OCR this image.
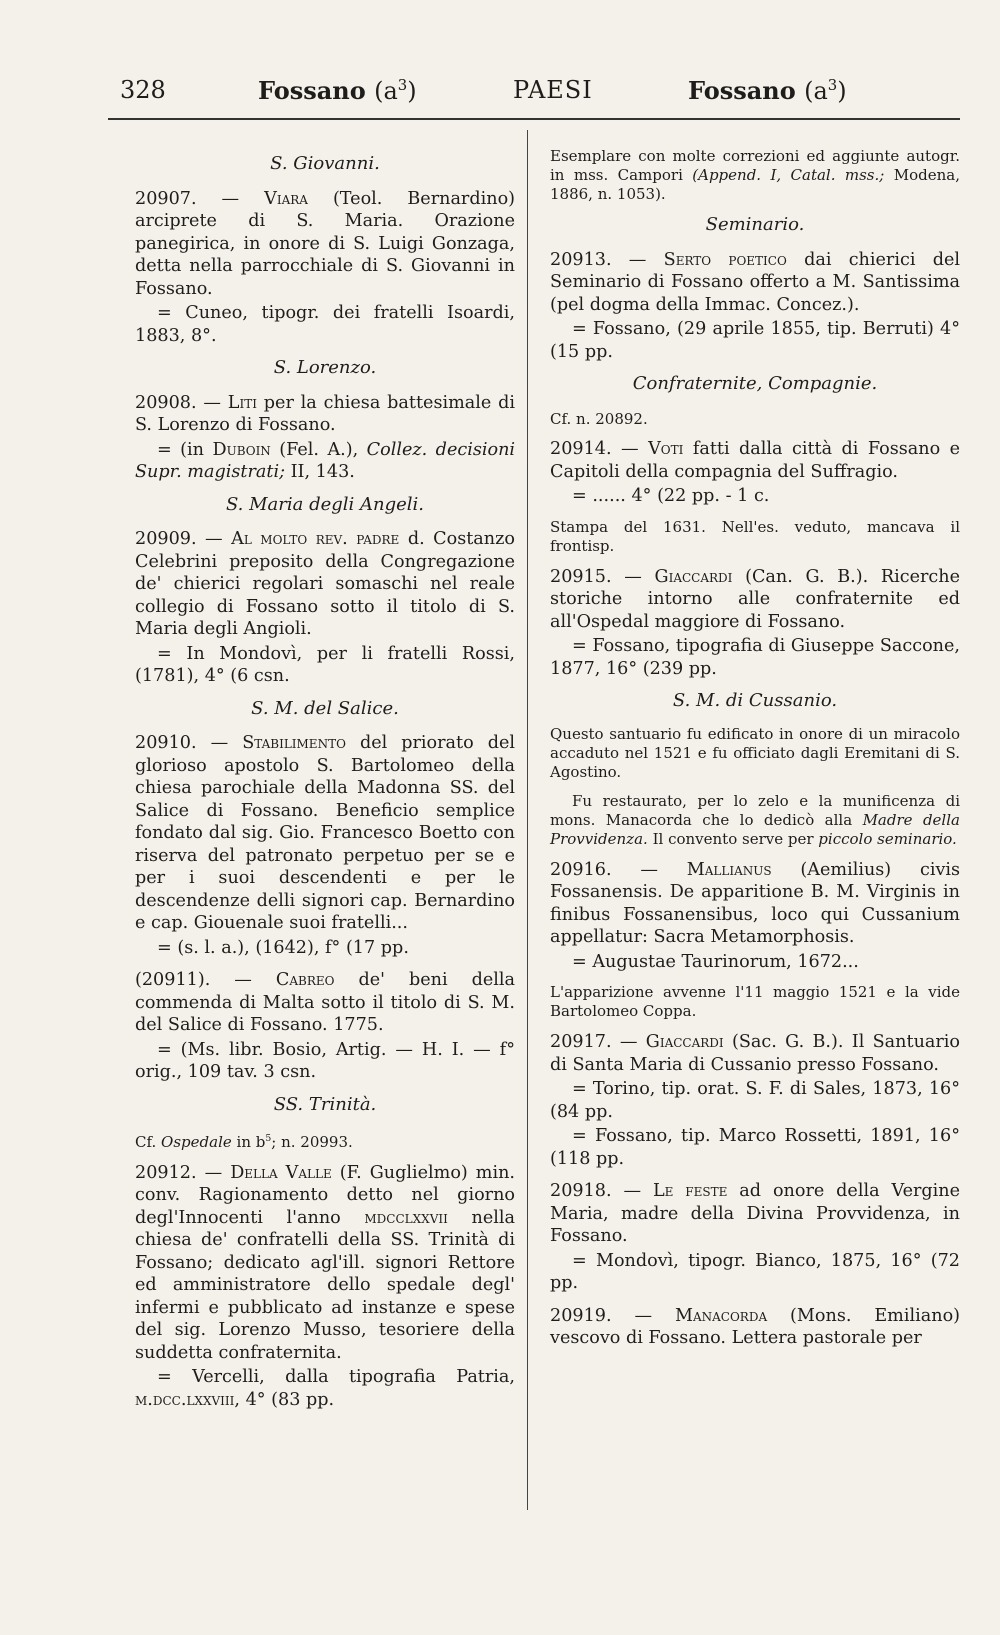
328	Fossano $(a^3)$	PAESI	Fossano $(a^3)$
S. Giovanni.
20907. — Viara (Teol. Bernardino) arciprete di S. Maria. Orazione panegirica, in onore di S. Luigi Gonzaga, detta nella parrocchiale di S. Giovanni in Fossano.
= Cuneo, tipogr. dei fratelli Isoardi, 1883, 8°.
S. Lorenzo.
20908. — Liti per la chiesa battesimale di S. Lorenzo di Fossano.
= (in Duboin (Fel. A.), Collez. decisioni Supr. magistrati; II, 143.
S. Maria degli Angeli.
20909. — Al molto rev. padre d. Costanzo Celebrini preposito della Congregazione de' chierici regolari somaschi nel reale collegio di Fossano sotto il titolo di S. Maria degli Angioli.
= In Mondovì, per li fratelli Rossi, (1781), 4° (6 csn.
S. M. del Salice.
20910. — Stabilimento del priorato del glorioso apostolo S. Bartolomeo della chiesa parochiale della Madonna SS. del Salice di Fossano. Beneficio semplice fondato dal sig. Gio. Francesco Boetto con riserva del patronato perpetuo per se e per i suoi descendenti e per le descendenze delli signori cap. Bernardino e cap. Giouenale suoi fratelli...
= (s. l. a.), (1642), f° (17 pp.
(20911). — Cabreo de' beni della commenda di Malta sotto il titolo di S. M. del Salice di Fossano. 1775.
= (Ms. libr. Bosio, Artig. — H. I. — f° orig., 109 tav. 3 csn.
SS. Trinità.
Cf. Ospedale in $b^5$; n. 20993.
20912. — Della Valle (F. Guglielmo) min. conv. Ragionamento detto nel giorno degl'Innocenti l'anno mdcclxxvii nella chiesa de' confratelli della SS. Trinità di Fossano; dedicato agl'ill. signori Rettore ed amministratore dello spedale degl' infermi e pubblicato ad instanze e spese del sig. Lorenzo Musso, tesoriere della suddetta confraternita.
= Vercelli, dalla tipografia Patria, m.dcc.lxxviii, 4° (83 pp.
Esemplare con molte correzioni ed aggiunte autogr. in mss. Campori (Append. I, Catal. mss.; Modena, 1886, n. 1053).
Seminario.
20913. — Serto poetico dai chierici del Seminario di Fossano offerto a M. Santissima (pel dogma della Immac. Concez.).
= Fossano, (29 aprile 1855, tip. Berruti) 4° (15 pp.
Confraternite, Compagnie.
Cf. n. 20892.
20914. — Voti fatti dalla città di Fossano e Capitoli della compagnia del Suffragio.
= ...... 4° (22 pp. - 1 c.
Stampa del 1631. Nell'es. veduto, mancava il frontisp.
20915. — Giaccardi (Can. G. B.). Ricerche storiche intorno alle confraternite ed all'Ospedal maggiore di Fossano.
= Fossano, tipografia di Giuseppe Saccone, 1877, 16° (239 pp.
S. M. di Cussanio.
Questo santuario fu edificato in onore di un miracolo accaduto nel 1521 e fu officiato dagli Eremitani di S. Agostino.
Fu restaurato, per lo zelo e la munificenza di mons. Manacorda che lo dedicò alla Madre della Provvidenza. Il convento serve per piccolo seminario.
20916. — Mallianus (Aemilius) civis Fossanensis. De apparitione B. M. Virginis in finibus Fossanensibus, loco qui Cussanium appellatur: Sacra Metamorphosis.
= Augustae Taurinorum, 1672...
L'apparizione avvenne l'11 maggio 1521 e la vide Bartolomeo Coppa.
20917. — Giaccardi (Sac. G. B.). Il Santuario di Santa Maria di Cussanio presso Fossano.
= Torino, tip. orat. S. F. di Sales, 1873, 16° (84 pp.
= Fossano, tip. Marco Rossetti, 1891, 16° (118 pp.
20918. — Le feste ad onore della Vergine Maria, madre della Divina Provvidenza, in Fossano.
= Mondovì, tipogr. Bianco, 1875, 16° (72 pp.
20919. — Manacorda (Mons. Emiliano) vescovo di Fossano. Lettera pastorale per
